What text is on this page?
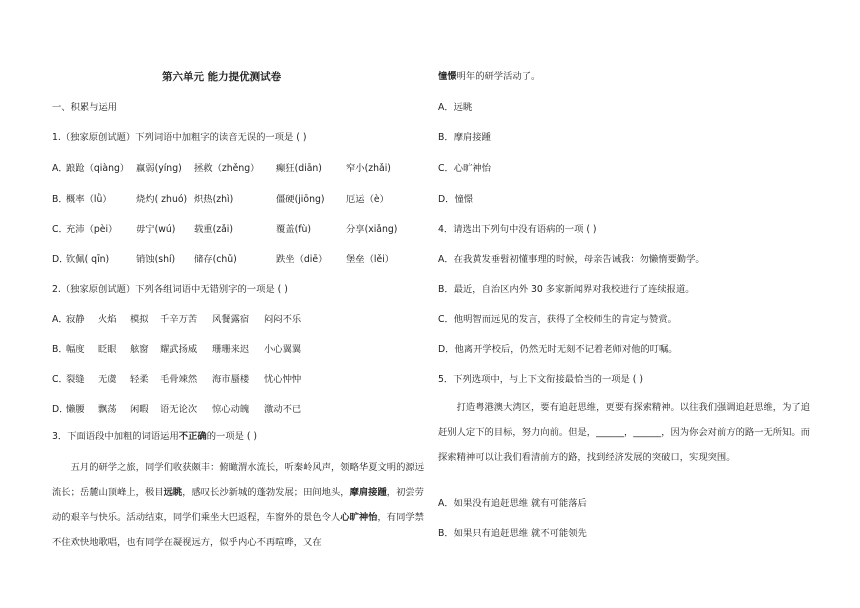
第六单元 能力提优测试卷
一、积累与运用
1.（独家原创试题）下列词语中加粗字的读音无误的一项是 ( )
A．
踉跄（qiàng） 赢弱(yíng) 拯救（zhěng） 癫狂(diān)	窄小(zhǎi)
B．
概率（lǜ）	烧灼( zhuó) 炽热(zhì)	僵硬(jiōng) 厄运（è）
C．
充沛（pèi） 毋宁(wú) 载重(zǎi)	覆盖(fù)	分享(xiǎng)
D．
钦佩( qīn)	销蚀(shí) 储存(chǔ)	跌坐（diē） 堡垒（lěi）
2.（独家原创试题）下列各组词语中无错别字的一项是 ( )
A．
寂静 火焰 模拟 千辛万苦 风餐露宿 闷闷不乐
B．
幅度 眨眼 舷窗 耀武扬威 珊珊来迟 小心翼翼
C．
裂缝 无虞 轻柔 毛骨竦然 海市蜃楼 忧心忡忡
D．
懒腰 飘荡 闲暇 语无论次 惊心动魄 激动不已
3．下面语段中加粗的词语运用不正确的一项是 ( )
五月的研学之旅，同学们收获颇丰：俯瞰渭水流长，听秦岭风声，领略华夏文明的源远流长；岳麓山顶峰上，极目远眺，感叹长沙新城的蓬勃发展；田间地头，摩肩接踵，初尝劳动的艰辛与快乐。活动结束，同学们乘坐大巴返程，车窗外的景色令人心旷神怡，有同学禁不住欢快地歌唱，也有同学在凝视远方，似乎内心不再喧哗，又在
憧憬明年的研学活动了。
A．远眺
B．摩肩接踵
C．心旷神怡
D．憧憬
4．请选出下列句中没有语病的一项 ( )
A．在我黄发垂髫初懂事理的时候，母亲告诫我：勿懒惰要勤学。
B．最近，自治区内外 30 多家新闻界对我校进行了连续报道。
C．他明智而远见的发言，获得了全校师生的肯定与赞赏。
D．他离开学校后，仍然无时无刻不记着老师对他的叮嘱。
5．下列选项中，与上下文衔接最恰当的一项是 ( )
打造粤港澳大湾区，要有追赶思维，更要有探索精神。以往我们强调追赶思维，为了追赶别人定下的目标，努力向前。但是，______，______，因为你会对前方的路一无所知。而探索精神可以让我们看清前方的路，找到经济发展的突破口，实现突围。
A．如果没有追赶思维 就有可能落后
B．如果只有追赶思维 就不可能领先
